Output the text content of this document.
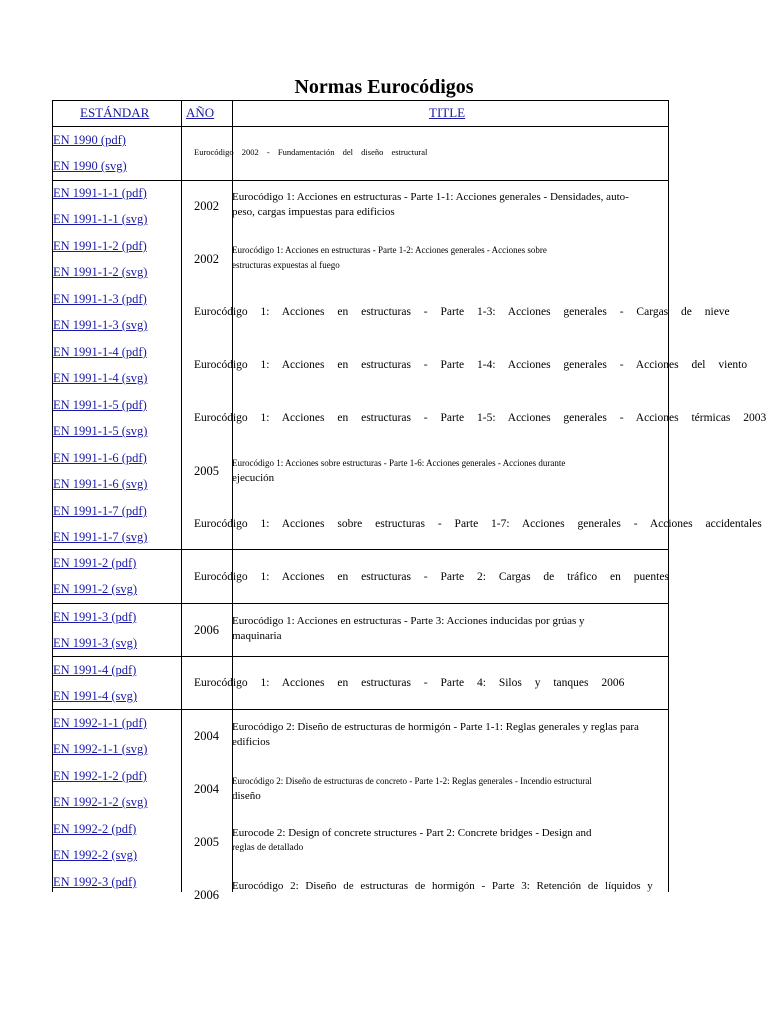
Normas Eurocódigos
ESTÁNDAR	AÑO	TITLE
EN 1990 (pdf)
EN 1990 (svg)
Eurocódigo 2002 - Fundamentación del diseño estructural
EN 1991-1-1 (pdf)
EN 1991-1-1 (svg)
2002
Eurocódigo 1: Acciones en estructuras - Parte 1-1: Acciones generales - Densidades, auto-
peso, cargas impuestas para edificios
EN 1991-1-2 (pdf)
EN 1991-1-2 (svg)
2002
Eurocódigo 1: Acciones en estructuras - Parte 1-2: Acciones generales - Acciones sobre
estructuras expuestas al fuego
EN 1991-1-3 (pdf)
EN 1991-1-3 (svg)
Eurocódigo 1: Acciones en estructuras - Parte 1-3: Acciones generales - Cargas de nieve
EN 1991-1-4 (pdf)
EN 1991-1-4 (svg)
Eurocódigo 1: Acciones en estructuras - Parte 1-4: Acciones generales - Acciones del viento
EN 1991-1-5 (pdf)
EN 1991-1-5 (svg)
Eurocódigo 1: Acciones en estructuras - Parte 1-5: Acciones generales - Acciones térmicas 2003
EN 1991-1-6 (pdf)
EN 1991-1-6 (svg)
2005
Eurocódigo 1: Acciones sobre estructuras - Parte 1-6: Acciones generales - Acciones durante
ejecución
EN 1991-1-7 (pdf)
EN 1991-1-7 (svg)
Eurocódigo 1: Acciones sobre estructuras - Parte 1-7: Acciones generales - Acciones accidentales
EN 1991-2 (pdf)
EN 1991-2 (svg)
Eurocódigo 1: Acciones en estructuras - Parte 2: Cargas de tráfico en puentes
EN 1991-3 (pdf)
EN 1991-3 (svg)
2006
Eurocódigo 1: Acciones en estructuras - Parte 3: Acciones inducidas por grúas y
maquinaria
EN 1991-4 (pdf)
EN 1991-4 (svg)
Eurocódigo 1: Acciones en estructuras - Parte 4: Silos y tanques 2006
EN 1992-1-1 (pdf)
EN 1992-1-1 (svg)
2004
Eurocódigo 2: Diseño de estructuras de hormigón - Parte 1-1: Reglas generales y reglas para
edificios
EN 1992-1-2 (pdf)
EN 1992-1-2 (svg)
2004
Eurocódigo 2: Diseño de estructuras de concreto - Parte 1-2: Reglas generales - Incendio estructural
diseño
EN 1992-2 (pdf)
EN 1992-2 (svg)
2005
Eurocode 2: Design of concrete structures - Part 2: Concrete bridges - Design and
reglas de detallado
EN 1992-3 (pdf)
2006
Eurocódigo 2: Diseño de estructuras de hormigón - Parte 3: Retención de líquidos y
